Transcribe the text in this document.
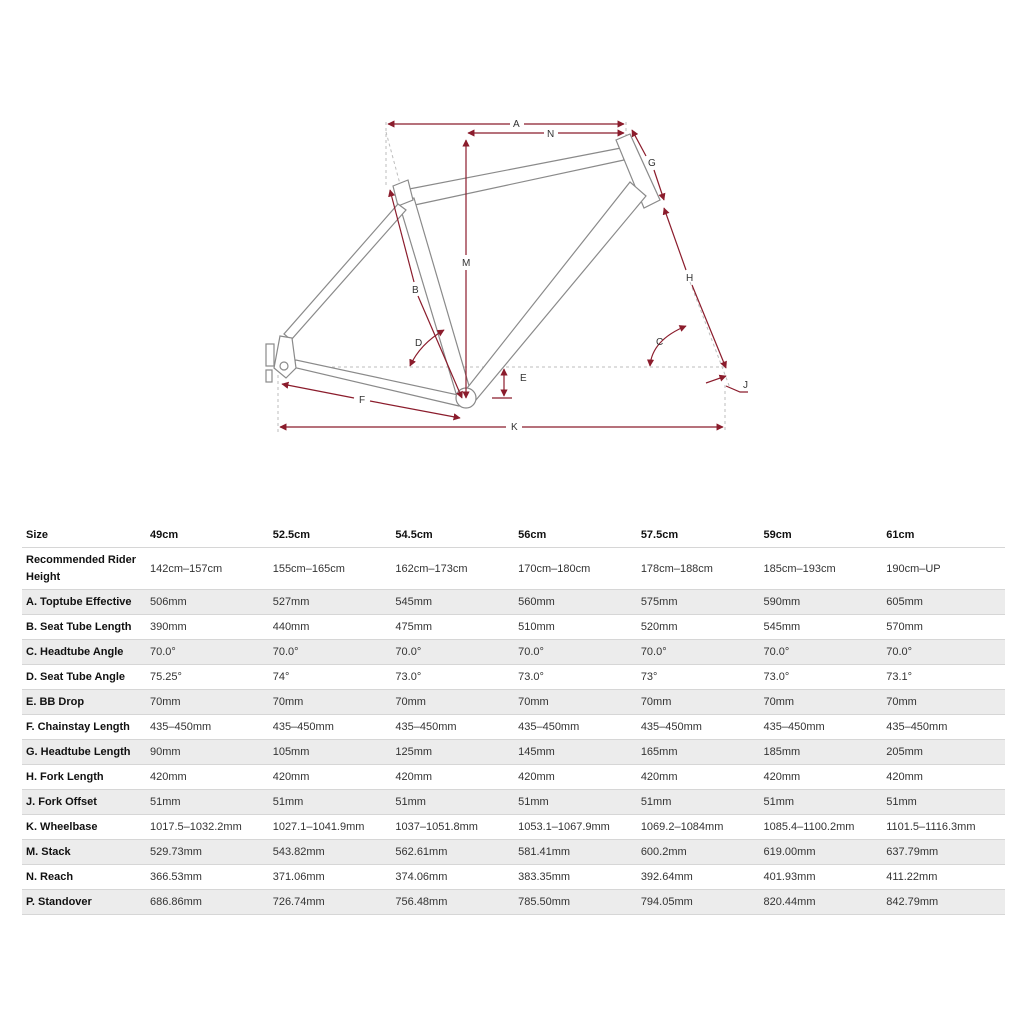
A
N
M
B
G
H
C
D
E
F
J
K
Size	49cm	52.5cm	54.5cm	56cm	57.5cm	59cm	61cm
Recommended Rider Height	142cm–157cm	155cm–165cm	162cm–173cm	170cm–180cm	178cm–188cm	185cm–193cm	190cm–UP
A. Toptube Effective	506mm	527mm	545mm	560mm	575mm	590mm	605mm
B. Seat Tube Length	390mm	440mm	475mm	510mm	520mm	545mm	570mm
C. Headtube Angle	70.0°	70.0°	70.0°	70.0°	70.0°	70.0°	70.0°
D. Seat Tube Angle	75.25°	74°	73.0°	73.0°	73°	73.0°	73.1°
E. BB Drop	70mm	70mm	70mm	70mm	70mm	70mm	70mm
F. Chainstay Length	435–450mm	435–450mm	435–450mm	435–450mm	435–450mm	435–450mm	435–450mm
G. Headtube Length	90mm	105mm	125mm	145mm	165mm	185mm	205mm
H. Fork Length	420mm	420mm	420mm	420mm	420mm	420mm	420mm
J. Fork Offset	51mm	51mm	51mm	51mm	51mm	51mm	51mm
K. Wheelbase	1017.5–1032.2mm	1027.1–1041.9mm	1037–1051.8mm	1053.1–1067.9mm	1069.2–1084mm	1085.4–1100.2mm	1101.5–1116.3mm
M. Stack	529.73mm	543.82mm	562.61mm	581.41mm	600.2mm	619.00mm	637.79mm
N. Reach	366.53mm	371.06mm	374.06mm	383.35mm	392.64mm	401.93mm	411.22mm
P. Standover	686.86mm	726.74mm	756.48mm	785.50mm	794.05mm	820.44mm	842.79mm
